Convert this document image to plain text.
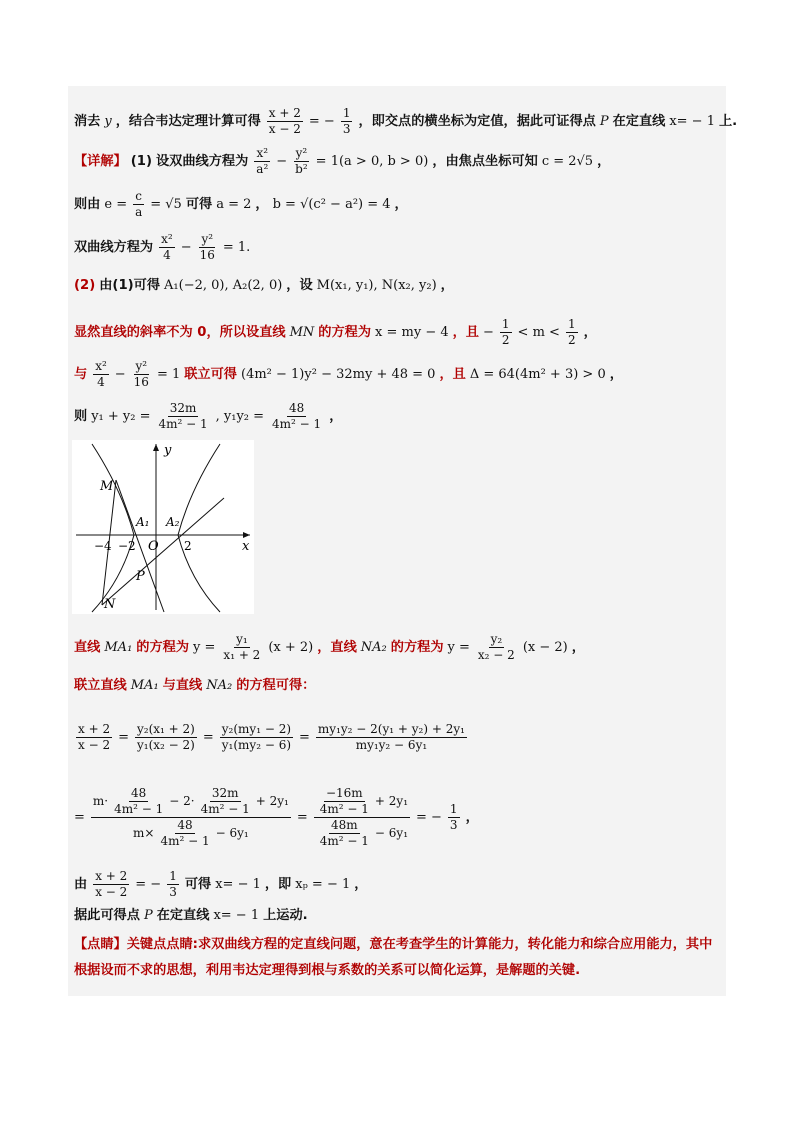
消去 y ，结合韦达定理计算可得 $\frac{x + 2}{x - 2}$ = − $\frac{1}{3}$ ，即交点的横坐标为定值，据此可证得点 P 在定直线 x= − 1 上.
【详解】 (1) 设双曲线方程为 $\frac{\text{x²}}{\text{a²}} - \frac{\text{y²}}{\text{b²}} = 1(a > 0$, b > 0) ，由焦点坐标可知 c = 2√5 ，
则由 $e = \frac{c}{a} = √5$ 可得 a = 2 ， b = √(c² − a²) = 4 ，
双曲线方程为 $\frac{\text{x²}}{4} - \frac{\text{y²}}{16} = 1$.
(2) 由(1)可得 A₁(−2, 0), A₂(2, 0) ，设 M(x₁, y₁), N(x₂, y₂) ，
显然直线的斜率不为 0，所以设直线 MN 的方程为 x = my − 4 ，且 − $\frac{1}{2} < m < \frac{1}{2}$ ，
与 $\frac{\text{x²}}{4} - \frac{\text{y²}}{16} = 1$ 联立可得 (4m² − 1)y² − 32my + 48 = 0 ，且 Δ = 64(4m² + 3) > 0 ，
则 $y_1 + y_2 = \frac{32m}{\text{4m² − 1}}$ , $y_1y_2 = \frac{48}{\text{4m² − 1}}$ ，
直线 MA₁ 的方程为 $y = \frac{\text{y₁}}{\text{x₁ + 2}} (x + 2)$ ，直线 NA₂ 的方程为 $y = \frac{\text{y₂}}{\text{x₂ − 2}} (x - 2)$ ，
联立直线 MA₁ 与直线 NA₂ 的方程可得：
$\frac{x + 2}{x - 2} = \frac{\text{y₂(x₁ + 2)}}{\text{y₁(x₂ − 2)}} = \frac{\text{y₂(my₁ − 2)}}{\text{y₁(my₂ − 6)}} = \frac{\text{my₁y₂ − 2(y₁ + y₂) + 2y₁}}{\text{my₁y₂ − 6y₁}}$
=
$m\cdot \frac{48}{\text{4m² − 1}} - 2\cdot \frac{32m}{\text{4m² − 1}} + 2y_1$
$m\times \frac{48}{\text{4m² − 1}} - 6y_1$
= $\frac{\frac{-16m}{\text{4m² − 1}} + 2y_1}{\frac{48m}{\text{4m² − 1}} - 6y_1}$ = − $\frac{1}{3}$ ，
由 $\frac{x + 2}{x - 2}$ = − $\frac{1}{3}$ 可得 x= − 1 ，即 xₚ = − 1 ，
据此可得点 P 在定直线 x= − 1 上运动.
【点睛】关键点点睛:求双曲线方程的定直线问题，意在考查学生的计算能力，转化能力和综合应用能力，其中根据设而不求的思想，利用韦达定理得到根与系数的关系可以简化运算，是解题的关键.
y
x
O
M
N
P
A₁ A₂
−4 −2	2
